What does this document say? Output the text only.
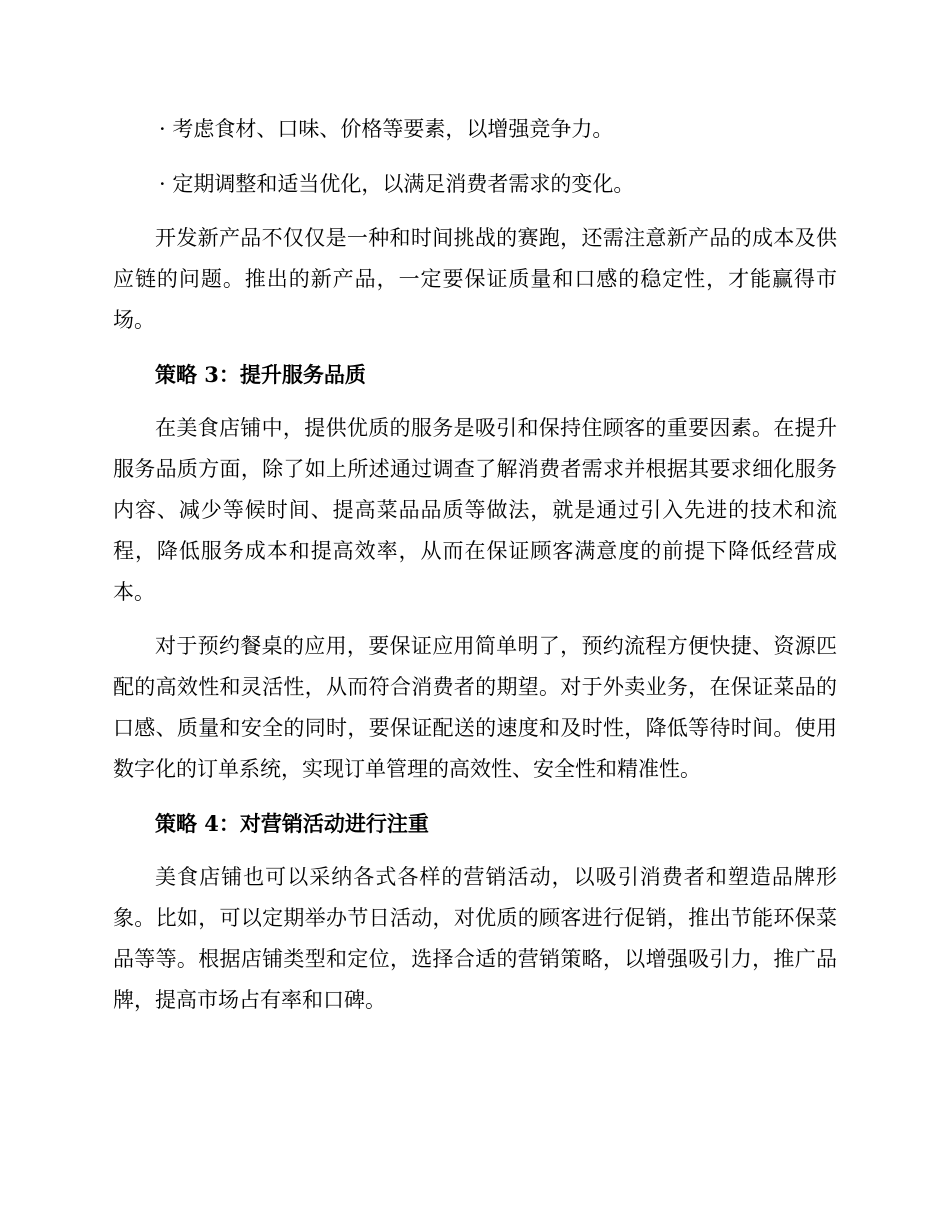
· 考虑食材、口味、价格等要素，以增强竞争力。
· 定期调整和适当优化，以满足消费者需求的变化。

开发新产品不仅仅是一种和时间挑战的赛跑，还需注意新产品的成本及供应链的问题。推出的新产品，一定要保证质量和口感的稳定性，才能赢得市场。

策略 3：提升服务品质

在美食店铺中，提供优质的服务是吸引和保持住顾客的重要因素。在提升服务品质方面，除了如上所述通过调查了解消费者需求并根据其要求细化服务内容、减少等候时间、提高菜品品质等做法，就是通过引入先进的技术和流程，降低服务成本和提高效率，从而在保证顾客满意度的前提下降低经营成本。

对于预约餐桌的应用，要保证应用简单明了，预约流程方便快捷、资源匹配的高效性和灵活性，从而符合消费者的期望。对于外卖业务，在保证菜品的口感、质量和安全的同时，要保证配送的速度和及时性，降低等待时间。使用数字化的订单系统，实现订单管理的高效性、安全性和精准性。

策略 4：对营销活动进行注重

美食店铺也可以采纳各式各样的营销活动，以吸引消费者和塑造品牌形象。比如，可以定期举办节日活动，对优质的顾客进行促销，推出节能环保菜品等等。根据店铺类型和定位，选择合适的营销策略，以增强吸引力，推广品牌，提高市场占有率和口碑。
